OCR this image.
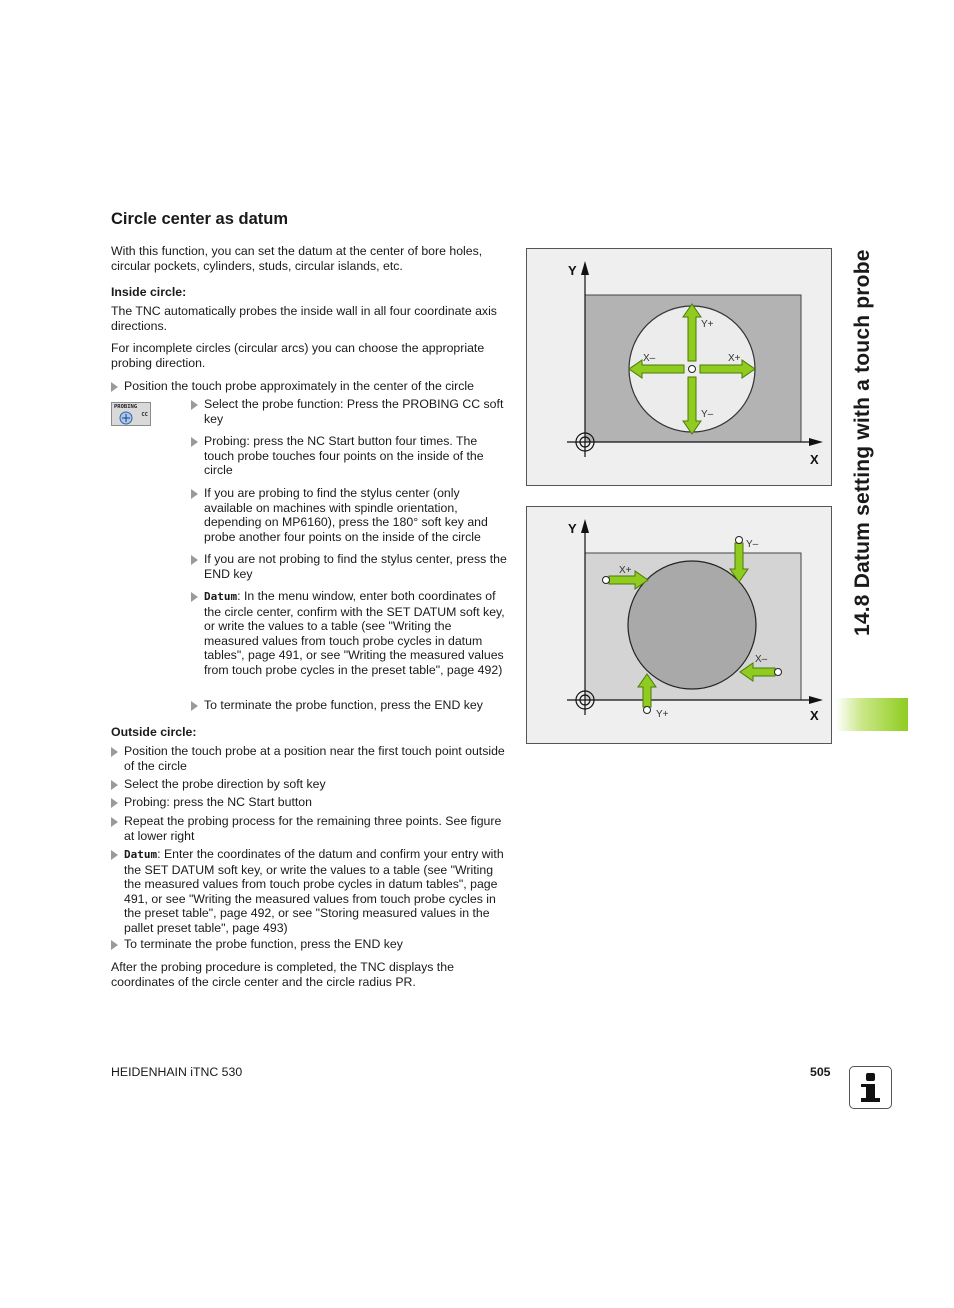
14.8 Datum setting with a touch probe
Circle center as datum

With this function, you can set the datum at the center of bore holes, circular pockets, cylinders, studs, circular islands, etc.

Inside circle:

The TNC automatically probes the inside wall in all four coordinate axis directions.

For incomplete circles (circular arcs) you can choose the appropriate probing direction.

Position the touch probe approximately in the center of the circle
PROBING
CC
Select the probe function: Press the PROBING CC soft key
Probing: press the NC Start button four times. The touch probe touches four points on the inside of the circle
If you are probing to find the stylus center (only available on machines with spindle orientation, depending on MP6160), press the 180° soft key and probe another four points on the inside of the circle
If you are not probing to find the stylus center, press the END key
Datum: In the menu window, enter both coordinates of the circle center, confirm with the SET DATUM soft key, or write the values to a table (see "Writing the measured values from touch probe cycles in datum tables", page 491, or see "Writing the measured values from touch probe cycles in the preset table", page 492)
To terminate the probe function, press the END key

Outside circle:

Position the touch probe at a position near the first touch point outside of the circle
Select the probe direction by soft key
Probing: press the NC Start button
Repeat the probing process for the remaining three points. See figure at lower right
Datum: Enter the coordinates of the datum and confirm your entry with the SET DATUM soft key, or write the values to a table (see "Writing the measured values from touch probe cycles in datum tables", page 491, or see "Writing the measured values from touch probe cycles in the preset table", page 492, or see "Storing measured values in the pallet preset table", page 493)
To terminate the probe function, press the END key

After the probing procedure is completed, the TNC displays the coordinates of the circle center and the circle radius PR.

Y+
Y–
X–	X+
Y
X
Y–
X+
X–
Y+
Y
X
HEIDENHAIN iTNC 530	505
